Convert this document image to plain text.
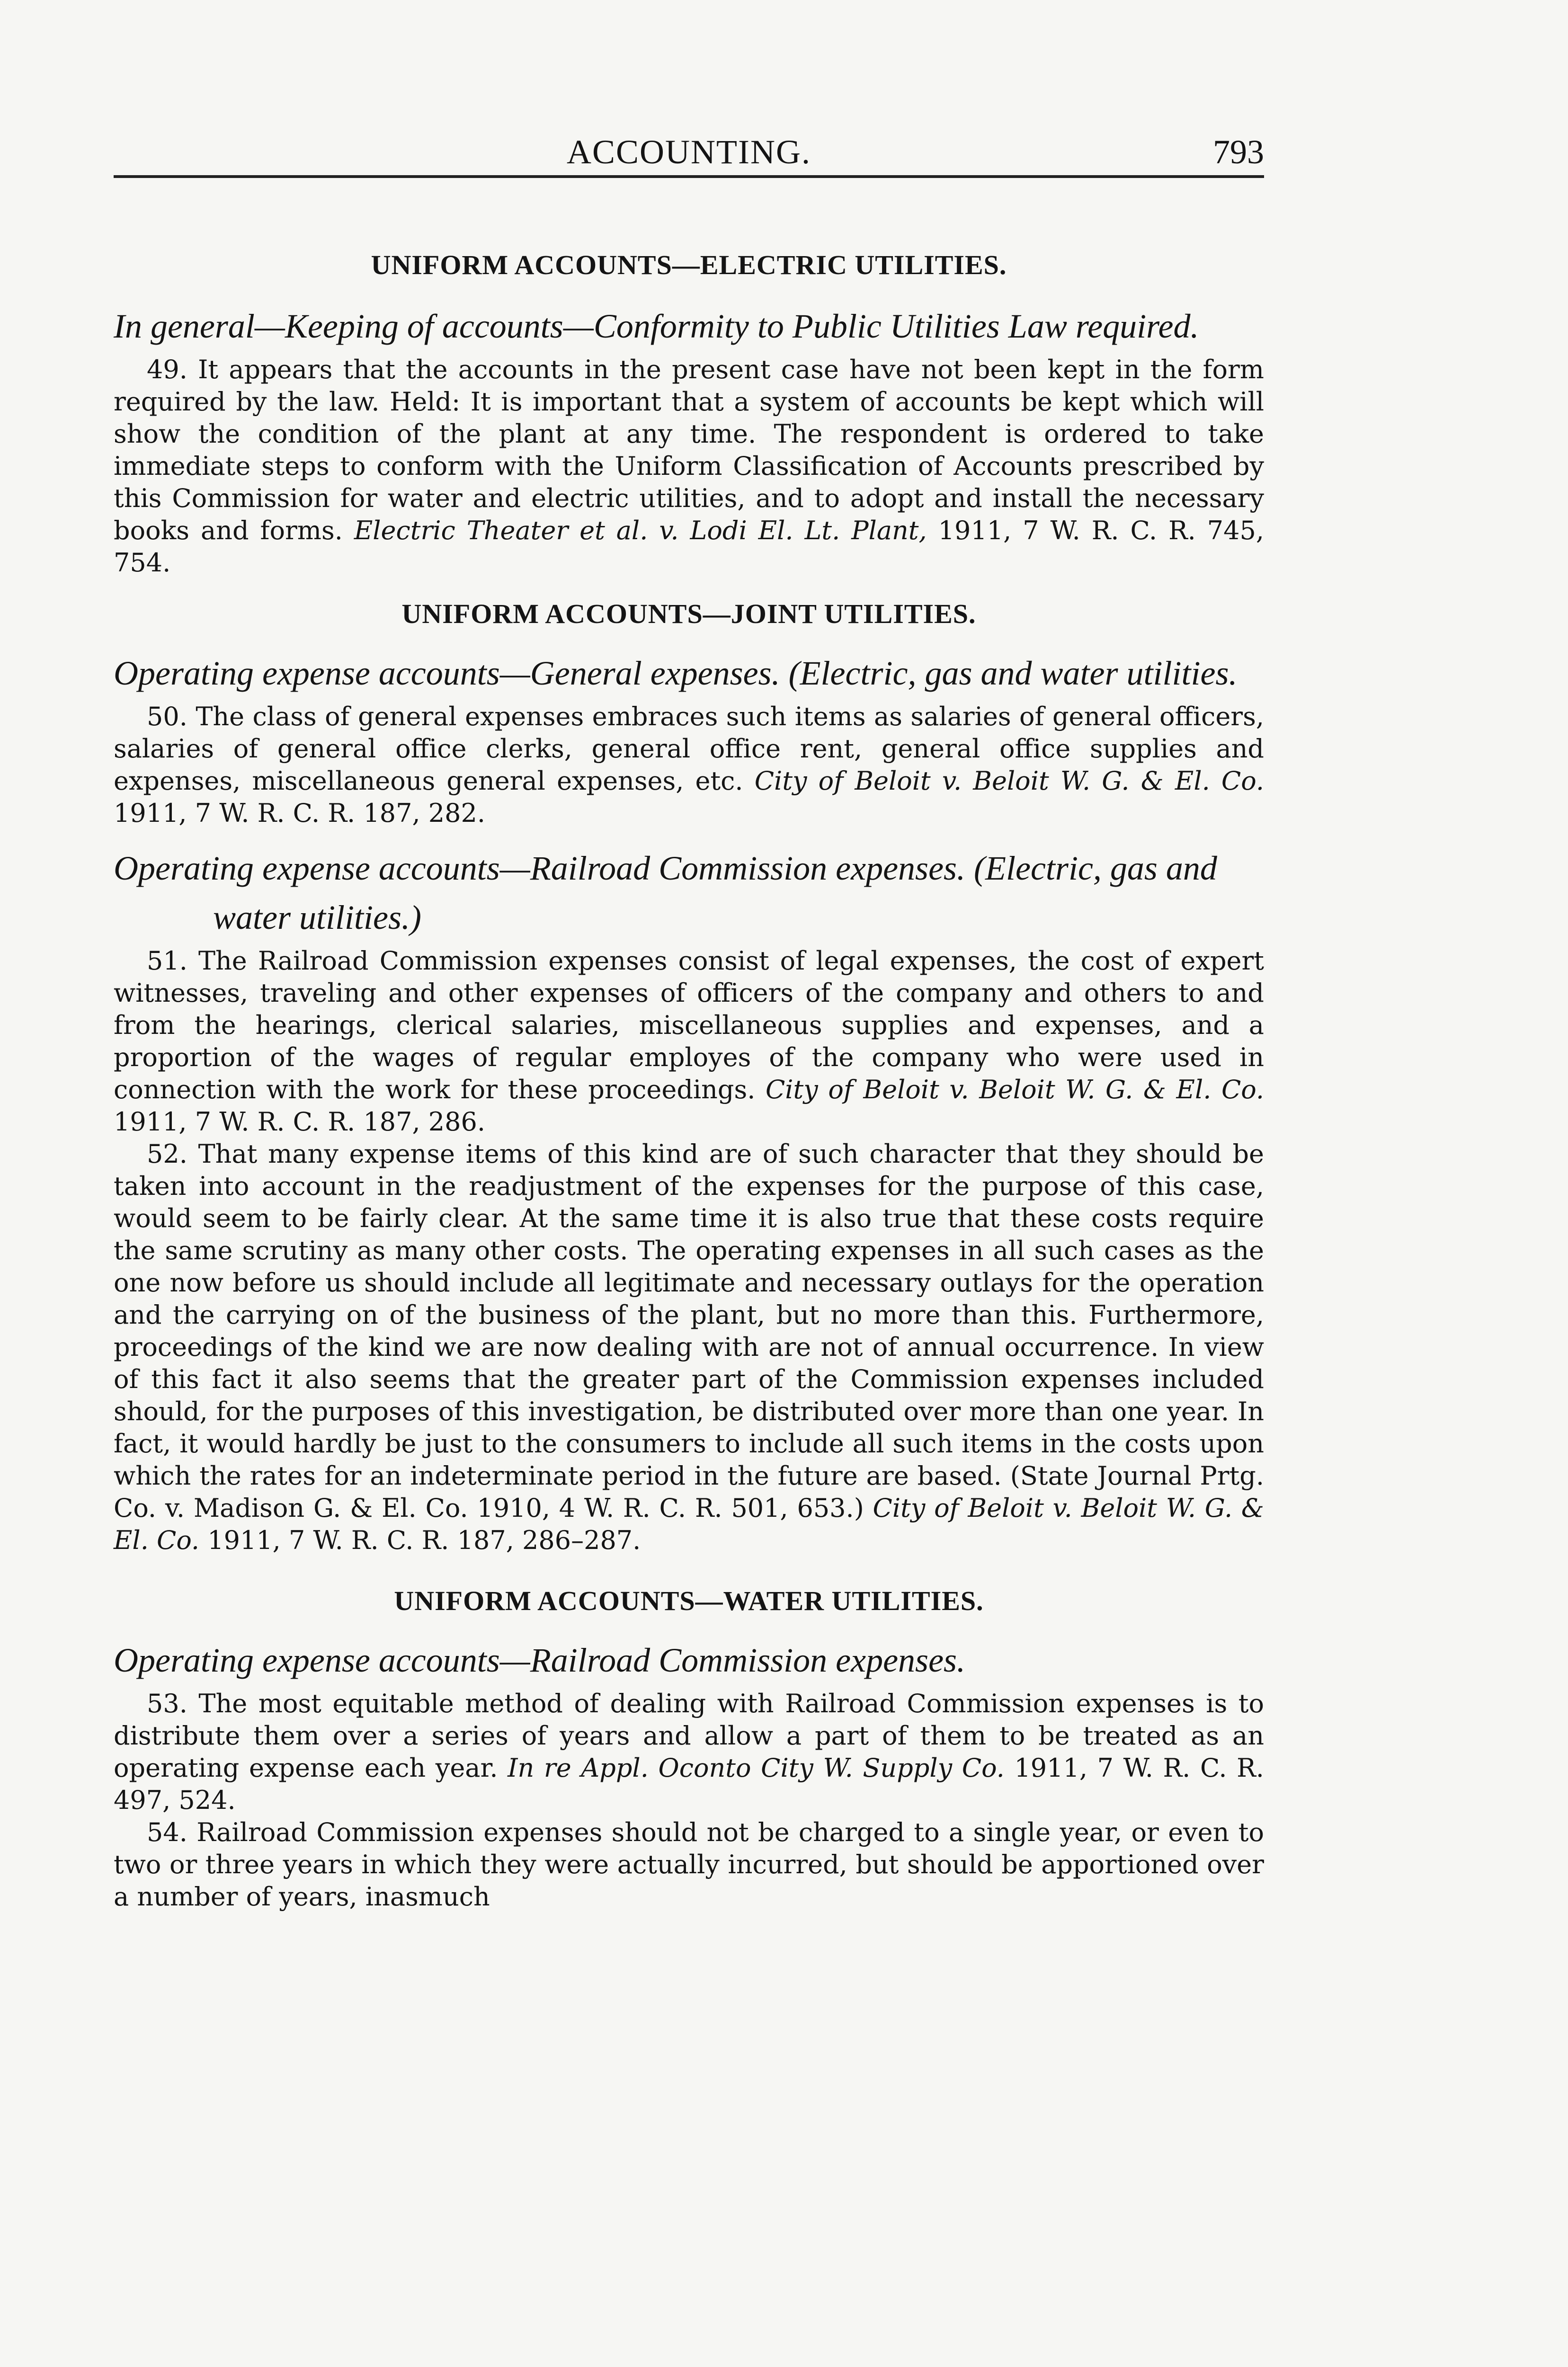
ACCOUNTING.	793
UNIFORM ACCOUNTS—ELECTRIC UTILITIES.

In general—Keeping of accounts—Conformity to Public Utilities Law required.

49. It appears that the accounts in the present case have not been kept in the form required by the law. Held: It is important that a system of accounts be kept which will show the condition of the plant at any time. The respondent is ordered to take immediate steps to conform with the Uniform Classification of Accounts prescribed by this Commission for water and electric utilities, and to adopt and install the necessary books and forms. Electric Theater et al. v. Lodi El. Lt. Plant, 1911, 7 W. R. C. R. 745, 754.

UNIFORM ACCOUNTS—JOINT UTILITIES.

Operating expense accounts—General expenses. (Electric, gas and water utilities.

50. The class of general expenses embraces such items as salaries of general officers, salaries of general office clerks, general office rent, general office supplies and expenses, miscellaneous general expenses, etc. City of Beloit v. Beloit W. G. & El. Co. 1911, 7 W. R. C. R. 187, 282.

Operating expense accounts—Railroad Commission expenses. (Electric, gas and water utilities.)

51. The Railroad Commission expenses consist of legal expenses, the cost of expert witnesses, traveling and other expenses of officers of the company and others to and from the hearings, clerical salaries, miscellaneous supplies and expenses, and a proportion of the wages of regular employes of the company who were used in connection with the work for these proceedings. City of Beloit v. Beloit W. G. & El. Co. 1911, 7 W. R. C. R. 187, 286.

52. That many expense items of this kind are of such character that they should be taken into account in the readjustment of the expenses for the purpose of this case, would seem to be fairly clear. At the same time it is also true that these costs require the same scrutiny as many other costs. The operating expenses in all such cases as the one now before us should include all legitimate and necessary outlays for the operation and the carrying on of the business of the plant, but no more than this. Furthermore, proceedings of the kind we are now dealing with are not of annual occurrence. In view of this fact it also seems that the greater part of the Commission expenses included should, for the purposes of this investigation, be distributed over more than one year. In fact, it would hardly be just to the consumers to include all such items in the costs upon which the rates for an indeterminate period in the future are based. (State Journal Prtg. Co. v. Madison G. & El. Co. 1910, 4 W. R. C. R. 501, 653.) City of Beloit v. Beloit W. G. & El. Co. 1911, 7 W. R. C. R. 187, 286–287.

UNIFORM ACCOUNTS—WATER UTILITIES.

Operating expense accounts—Railroad Commission expenses.

53. The most equitable method of dealing with Railroad Commission expenses is to distribute them over a series of years and allow a part of them to be treated as an operating expense each year. In re Appl. Oconto City W. Supply Co. 1911, 7 W. R. C. R. 497, 524.

54. Railroad Commission expenses should not be charged to a single year, or even to two or three years in which they were actually incurred, but should be apportioned over a number of years, inasmuch
